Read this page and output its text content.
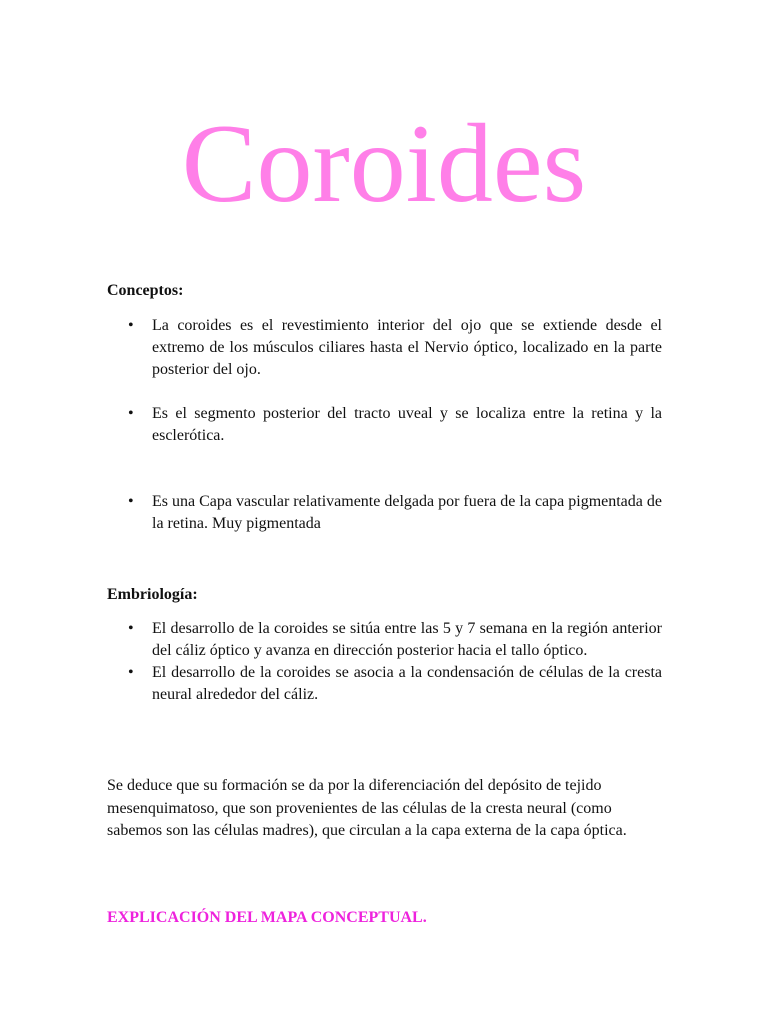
Coroides
Conceptos:
• La coroides es el revestimiento interior del ojo que se extiende desde el extremo de los músculos ciliares hasta el Nervio óptico, localizado en la parte posterior del ojo.
• Es el segmento posterior del tracto uveal y se localiza entre la retina y la esclerótica.
• Es una Capa vascular relativamente delgada por fuera de la capa pigmentada de la retina. Muy pigmentada
Embriología:
• El desarrollo de la coroides se sitúa entre las 5 y 7 semana en la región anterior del cáliz óptico y avanza en dirección posterior hacia el tallo óptico.
• El desarrollo de la coroides se asocia a la condensación de células de la cresta neural alrededor del cáliz.

Se deduce que su formación se da por la diferenciación del depósito de tejido mesenquimatoso, que son provenientes de las células de la cresta neural (como sabemos son las células madres), que circulan a la capa externa de la capa óptica.

EXPLICACIÓN DEL MAPA CONCEPTUAL.
